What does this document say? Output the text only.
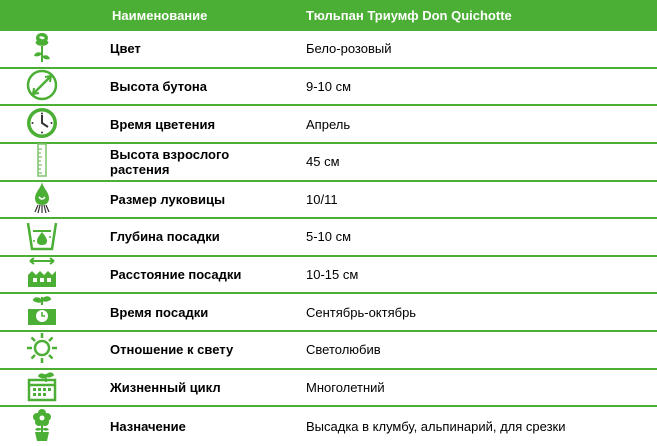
Наименование	Тюльпан Триумф Don Quichotte
Цвет	Бело-розовый
Высота бутона	9-10 см
Время цветения	Апрель
Высота взрослого растения	45 см
Размер луковицы	10/11
Глубина посадки	5-10 см
Расстояние посадки	10-15 см
Время посадки	Сентябрь-октябрь
Отношение к свету	Светолюбив
Жизненный цикл	Многолетний
Назначение	Высадка в клумбу, альпинарий, для срезки
